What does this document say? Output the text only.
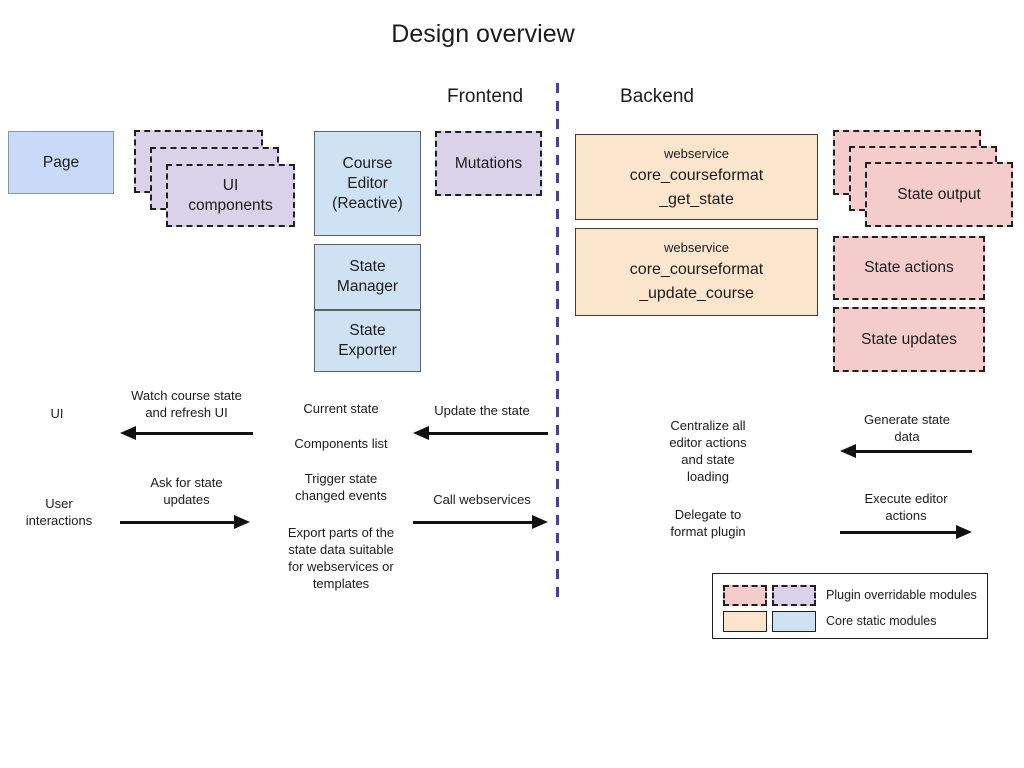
Design overview
Frontend	Backend
Page
UI components
Course Editor (Reactive)
Mutations
State Manager
State Exporter
webservice
core_courseformat
_get_state
webservice
core_courseformat
_update_course
State output
State actions
State updates
UI
Watch course state and refresh UI
User interactions
Ask for state updates
Current state
Components list
Trigger state changed events
Export parts of the state data suitable for webservices or templates
Update the state
Call webservices
Centralize all editor actions and state loading
Delegate to format plugin
Generate state data
Execute editor actions
Plugin overridable modules
Core static modules
